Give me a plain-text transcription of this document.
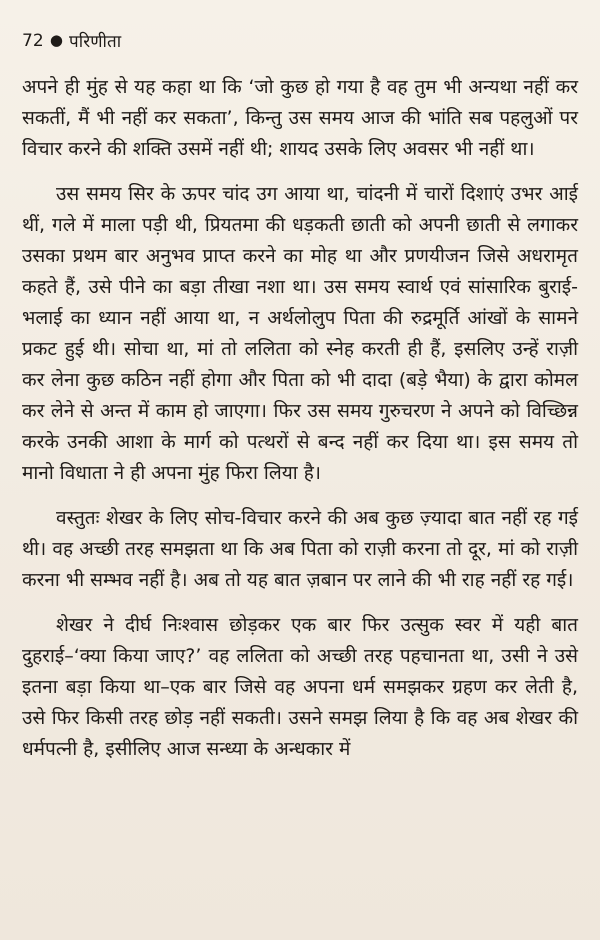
72 ● परिणीता

अपने ही मुंह से यह कहा था कि ‘जो कुछ हो गया है वह तुम भी अन्यथा नहीं कर सकतीं, मैं भी नहीं कर सकता’, किन्तु उस समय आज की भांति सब पहलुओं पर विचार करने की शक्ति उसमें नहीं थी; शायद उसके लिए अवसर भी नहीं था।

उस समय सिर के ऊपर चांद उग आया था, चांदनी में चारों दिशाएं उभर आई थीं, गले में माला पड़ी थी, प्रियतमा की धड़कती छाती को अपनी छाती से लगाकर उसका प्रथम बार अनुभव प्राप्त करने का मोह था और प्रणयीजन जिसे अधरामृत कहते हैं, उसे पीने का बड़ा तीखा नशा था। उस समय स्वार्थ एवं सांसारिक बुराई-भलाई का ध्यान नहीं आया था, न अर्थलोलुप पिता की रुद्रमूर्ति आंखों के सामने प्रकट हुई थी। सोचा था, मां तो ललिता को स्नेह करती ही हैं, इसलिए उन्हें राज़ी कर लेना कुछ कठिन नहीं होगा और पिता को भी दादा (बड़े भैया) के द्वारा कोमल कर लेने से अन्त में काम हो जाएगा। फिर उस समय गुरुचरण ने अपने को विच्छिन्न करके उनकी आशा के मार्ग को पत्थरों से बन्द नहीं कर दिया था। इस समय तो मानो विधाता ने ही अपना मुंह फिरा लिया है।

वस्तुतः शेखर के लिए सोच-विचार करने की अब कुछ ज़्यादा बात नहीं रह गई थी। वह अच्छी तरह समझता था कि अब पिता को राज़ी करना तो दूर, मां को राज़ी करना भी सम्भव नहीं है। अब तो यह बात ज़बान पर लाने की भी राह नहीं रह गई।

शेखर ने दीर्घ निःश्वास छोड़कर एक बार फिर उत्सुक स्वर में यही बात दुहराई–‘क्या किया जाए?’ वह ललिता को अच्छी तरह पहचानता था, उसी ने उसे इतना बड़ा किया था–एक बार जिसे वह अपना धर्म समझकर ग्रहण कर लेती है, उसे फिर किसी तरह छोड़ नहीं सकती। उसने समझ लिया है कि वह अब शेखर की धर्मपत्नी है, इसीलिए आज सन्ध्या के अन्धकार में
